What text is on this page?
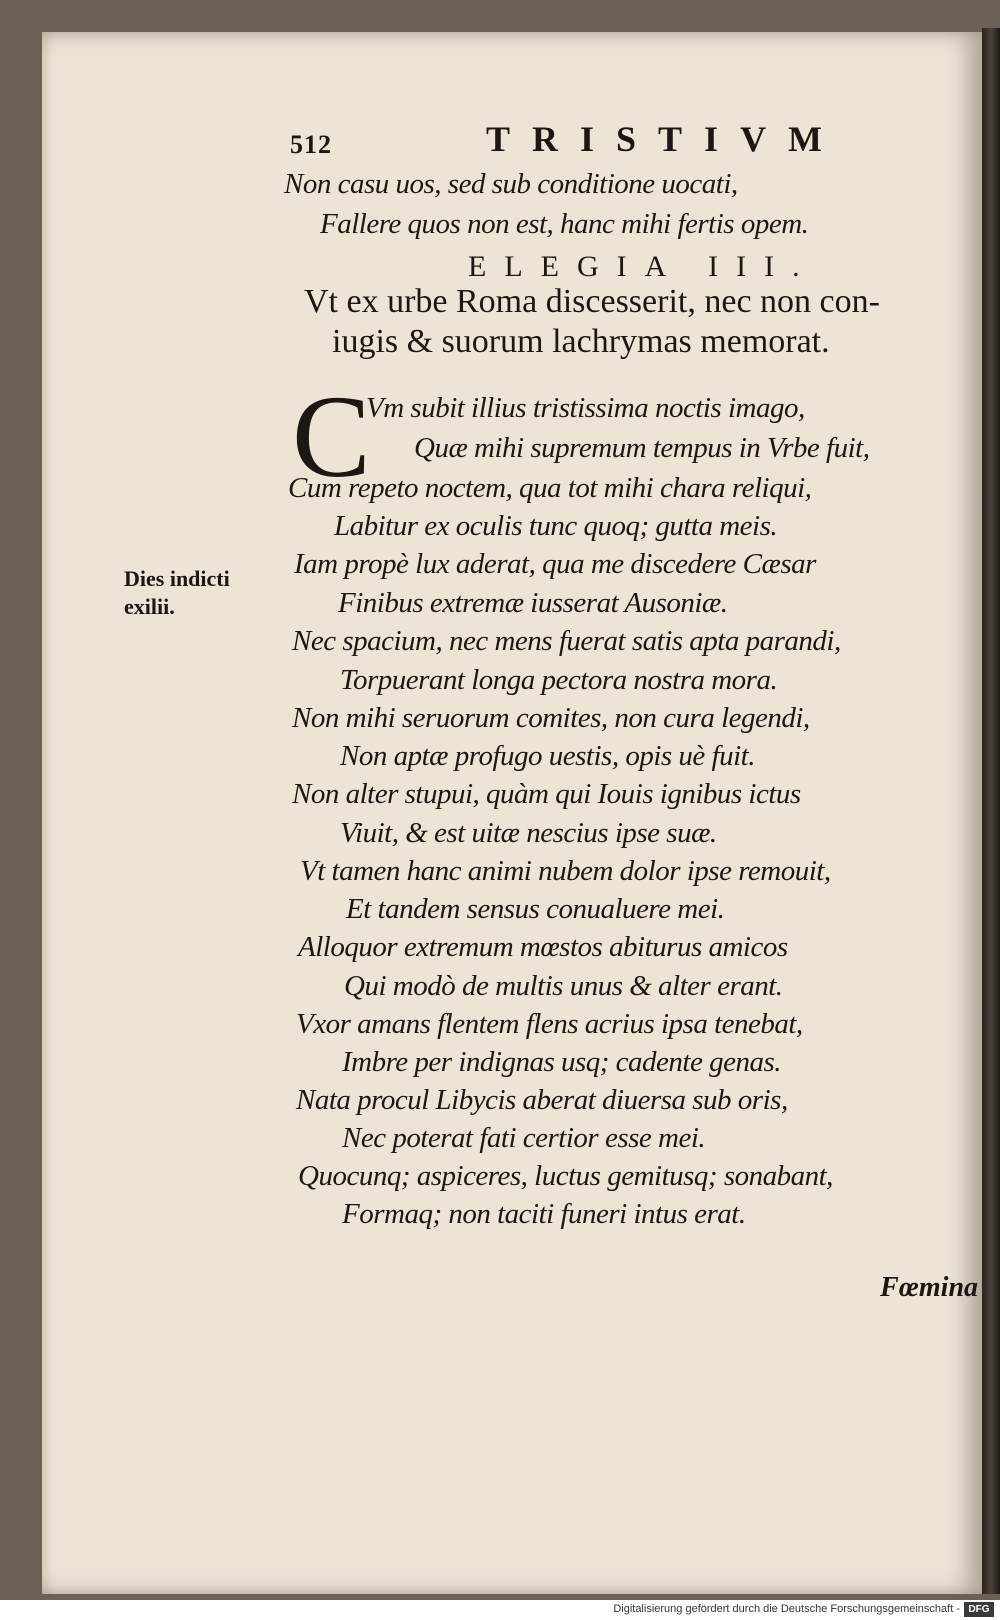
512	TRISTIVM
Non casu uos, sed sub conditione uocati,
Fallere quos non est, hanc mihi fertis opem.
ELEGIA III.
Vt ex urbe Roma discesserit, nec non con-
iugis & suorum lachrymas memorat.
C
Vm subit illius tristissima noctis imago,
Quæ mihi supremum tempus in Vrbe fuit,
Cum repeto noctem, qua tot mihi chara reliqui,
Labitur ex oculis tunc quoq; gutta meis.
Iam propè lux aderat, qua me discedere Cæsar
Finibus extremæ iusserat Ausoniæ.
Nec spacium, nec mens fuerat satis apta parandi,
Torpuerant longa pectora nostra mora.
Non mihi seruorum comites, non cura legendi,
Non aptæ profugo uestis, opis uè fuit.
Non alter stupui, quàm qui Iouis ignibus ictus
Viuit, & est uitæ nescius ipse suæ.
Vt tamen hanc animi nubem dolor ipse remouit,
Et tandem sensus conualuere mei.
Alloquor extremum mœstos abiturus amicos
Qui modò de multis unus & alter erant.
Vxor amans flentem flens acrius ipsa tenebat,
Imbre per indignas usq; cadente genas.
Nata procul Libycis aberat diuersa sub oris,
Nec poterat fati certior esse mei.
Quocunq; aspiceres, luctus gemitusq; sonabant,
Formaq; non taciti funeri intus erat.
Dies indicti
exilii.
Fœmina
Digitalisierung gefördert durch die Deutsche Forschungsgemeinschaft - DFG
